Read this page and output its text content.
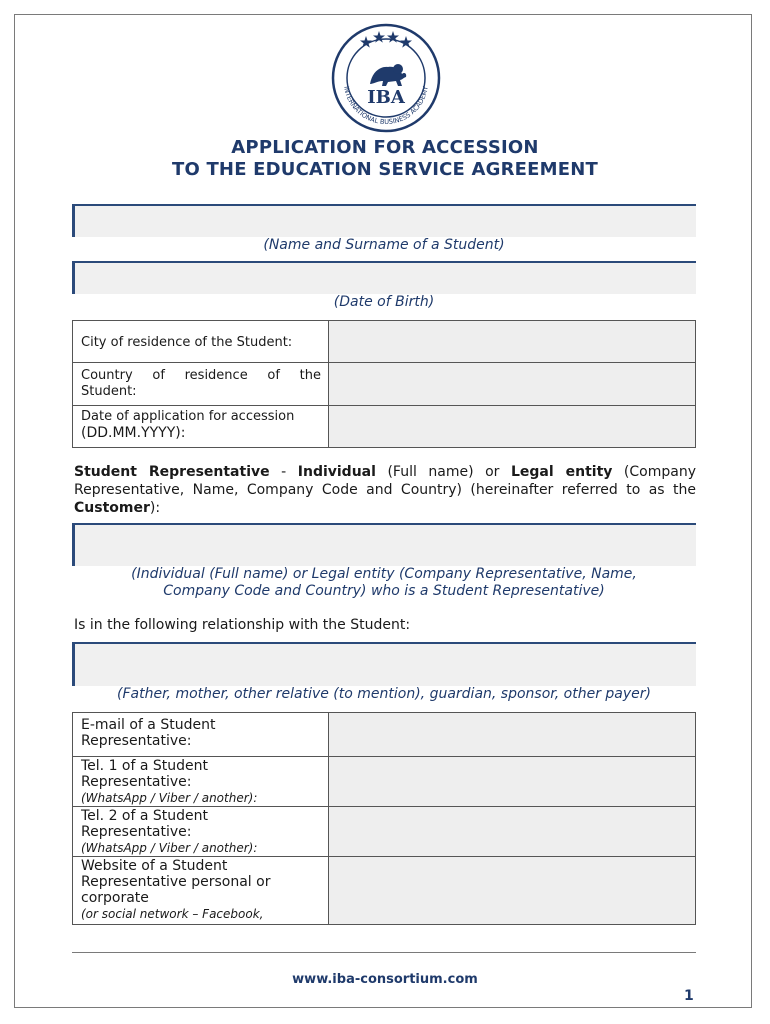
IBA
INTERNATIONAL BUSINESS ACADEMY
APPLICATION FOR ACCESSION
TO THE EDUCATION SERVICE AGREEMENT
(Name and Surname of a Student)
(Date of Birth)
City of residence of the Student:	

Country of residence of the
Student:	

Date of application for accession
(DD.MM.YYYY):	

Student Representative - Individual (Full name) or Legal entity (Company Representative, Name, Company Code and Country) (hereinafter referred to as the Customer):
(Individual (Full name) or Legal entity (Company Representative, Name,
Company Code and Country) who is a Student Representative)
Is in the following relationship with the Student:
(Father, mother, other relative (to mention), guardian, sponsor, other payer)
E-mail of a Student
Representative:	

Tel. 1 of a Student
Representative:
(WhatsApp / Viber / another):	

Tel. 2 of a Student
Representative:
(WhatsApp / Viber / another):	

Website of a Student
Representative personal or
corporate
(or social network – Facebook,	

www.iba-consortium.com
1
